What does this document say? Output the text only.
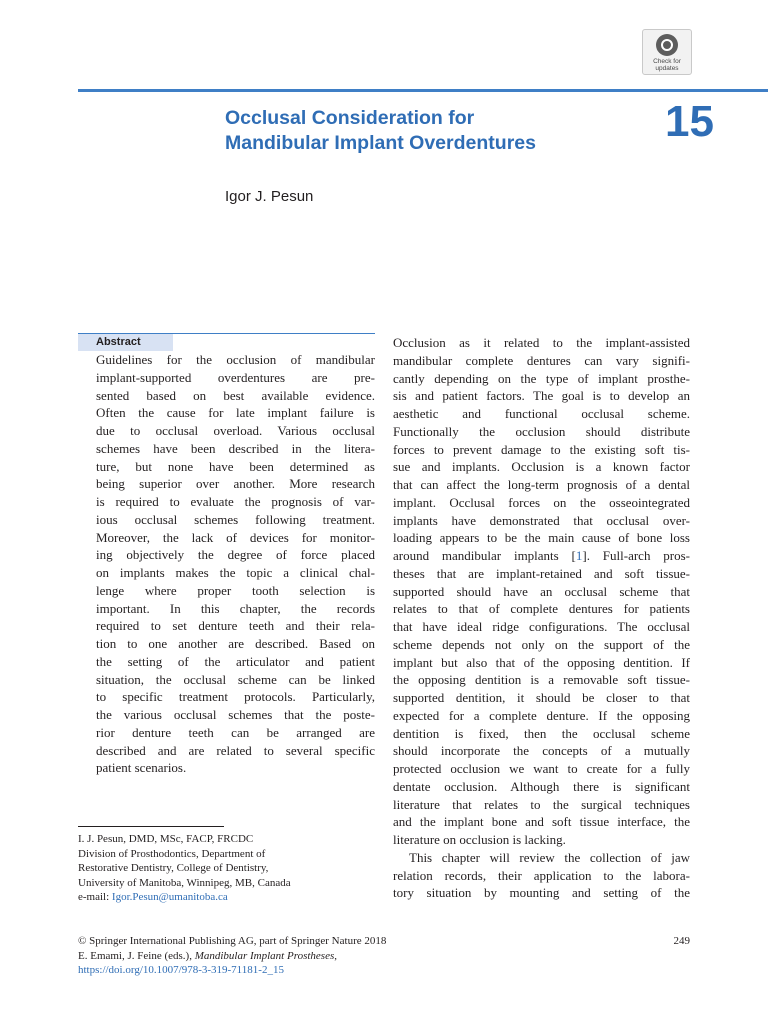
Check for
updates
Occlusal Consideration for
Mandibular Implant Overdentures	15
Igor J. Pesun
Abstract
Guidelines for the occlusion of mandibular
implant-supported overdentures are pre-
sented based on best available evidence.
Often the cause for late implant failure is
due to occlusal overload. Various occlusal
schemes have been described in the litera-
ture, but none have been determined as
being superior over another. More research
is required to evaluate the prognosis of var-
ious occlusal schemes following treatment.
Moreover, the lack of devices for monitor-
ing objectively the degree of force placed
on implants makes the topic a clinical chal-
lenge where proper tooth selection is
important. In this chapter, the records
required to set denture teeth and their rela-
tion to one another are described. Based on
the setting of the articulator and patient
situation, the occlusal scheme can be linked
to specific treatment protocols. Particularly,
the various occlusal schemes that the poste-
rior denture teeth can be arranged are
described and are related to several specific
patient scenarios.
Occlusion as it related to the implant-assisted
mandibular complete dentures can vary signifi-
cantly depending on the type of implant prosthe-
sis and patient factors. The goal is to develop an
aesthetic and functional occlusal scheme.
Functionally the occlusion should distribute
forces to prevent damage to the existing soft tis-
sue and implants. Occlusion is a known factor
that can affect the long-term prognosis of a dental
implant. Occlusal forces on the osseointegrated
implants have demonstrated that occlusal over-
loading appears to be the main cause of bone loss
around mandibular implants [1]. Full-arch pros-
theses that are implant-retained and soft tissue-
supported should have an occlusal scheme that
relates to that of complete dentures for patients
that have ideal ridge configurations. The occlusal
scheme depends not only on the support of the
implant but also that of the opposing dentition. If
the opposing dentition is a removable soft tissue-
supported dentition, it should be closer to that
expected for a complete denture. If the opposing
dentition is fixed, then the occlusal scheme
should incorporate the concepts of a mutually
protected occlusion we want to create for a fully
dentate occlusion. Although there is significant
literature that relates to the surgical techniques
and the implant bone and soft tissue interface, the
literature on occlusion is lacking.
This chapter will review the collection of jaw
relation records, their application to the labora-
tory situation by mounting and setting of the
I. J. Pesun, DMD, MSc, FACP, FRCDC
Division of Prosthodontics, Department of
Restorative Dentistry, College of Dentistry,
University of Manitoba, Winnipeg, MB, Canada
e-mail: Igor.Pesun@umanitoba.ca
© Springer International Publishing AG, part of Springer Nature 2018
E. Emami, J. Feine (eds.), Mandibular Implant Prostheses,
https://doi.org/10.1007/978-3-319-71181-2_15
249
